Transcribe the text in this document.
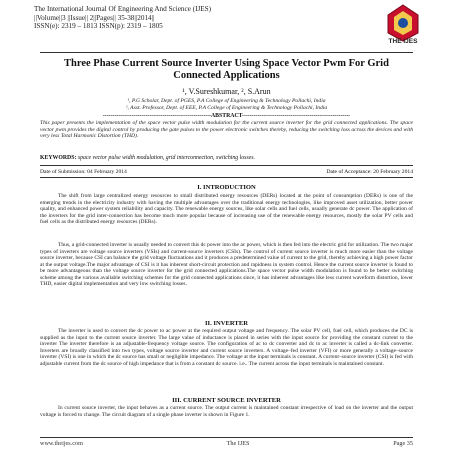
The International Journal Of Engineering And Science (IJES)
||Volume||3 ||Issue|| 2||Pages|| 35-38||2014||
ISSN(e): 2319 – 1813 ISSN(p): 2319 – 1805
THE IJES
Three Phase Current Source Inverter Using Space Vector Pwm For Grid Connected Applications
¹, V.Sureshkumar, ², S.Arun
¹, P.G Scholar, Dept. of PGES, P.A College of Engineering & Technology Pollachi, India
², Asst. Professor, Dept. of EEE, P.A College of Engineering & Technology Pollachi, India
--------------------------------------------------------ABSTRACT--------------------------------------------------------
This paper presents the implementation of the space vector pulse width modulation for the current source inverter for the grid connected applications. The space vector pwm provides the digital control by producing the gate pulses to the power electronic switches thereby, reducing the switching loss across the devices and with very less Total Harmonic Distortion (THD).
KEYWORDS: space vector pulse width modulation, grid interconnection, switching losses.
Date of Submission: 04 February 2014	Date of Acceptance: 20 February 2014
I. INTRODUCTION
The shift from large centralized energy resources to small distributed energy resources (DERs) located at the point of consumption (DERs) is one of the emerging trends in the electricity industry with having the multiple advantages over the traditional energy technologies, like improved asset utilization, better power quality, and enhanced power system reliability and capacity. The renewable energy sources, like solar cells and fuel cells, usually generate dc power. The application of the inverters for the grid inter-connection has become much more popular because of increasing use of the renewable energy resources, mostly the solar PV cells and fuel cells as the distributed energy resources (DERs).
Thus, a grid-connected inverter is usually needed to convert this dc power into the ac power, which is then fed into the electric grid for utilization. The two major types of inverters are voltage source inverters (VSIs) and current-source inverters (CSIs). The control of current source inverter is much more easier than the voltage source inverter, because CSI can balance the grid voltage fluctuations and it produces a predetermined value of current to the grid, thereby achieving a high power factor at the output voltage.The major advantage of CSI is it has inherent short-circuit protection and rapidness in system control. Hence the current source inverter is found to be more advantageous than the voltage source inverter for the grid connected applications.The space vector pulse width modulation is found to be better switching scheme among the various available switching schemes for the grid connected applications since, it has inherent advantages like less current waveform distortion, lower THD, easier digital implementation and very low switching losses.
II. INVERTER
The inverter is used to convert the dc power to ac power at the required output voltage and frequency. The solar PV cell, fuel cell, which produces the DC is supplied as the input to the current source inverter. The large value of inductance is placed in series with the input source for providing the constant current to the inverter The inverter therefore is an adjustable-frequency voltage source. The configuration of ac to dc converter and dc to ac inverter is called a dc-link converter. Inverters are broadly classified into two types, voltage source inverter and current source inverters. A voltage–fed inverter (VFI) or more generally a voltage–source inverter (VSI) is one in which the dc source has small or negligible impedance. The voltage at the input terminals is constant. A current–source inverter (CSI) is fed with adjustable current from the dc source of high impedance that is from a constant dc source. i.e.. The current across the input terminals is maintained constant.
III. CURRENT SOURCE INVERTER
In current source inverter, the input behaves as a current source. The output current is maintained constant irrespective of load on the inverter and the output voltage is forced to change. The circuit diagram of a single phase inverter is shown in Figure 1.
www.theijes.com	The IJES	Page 35
